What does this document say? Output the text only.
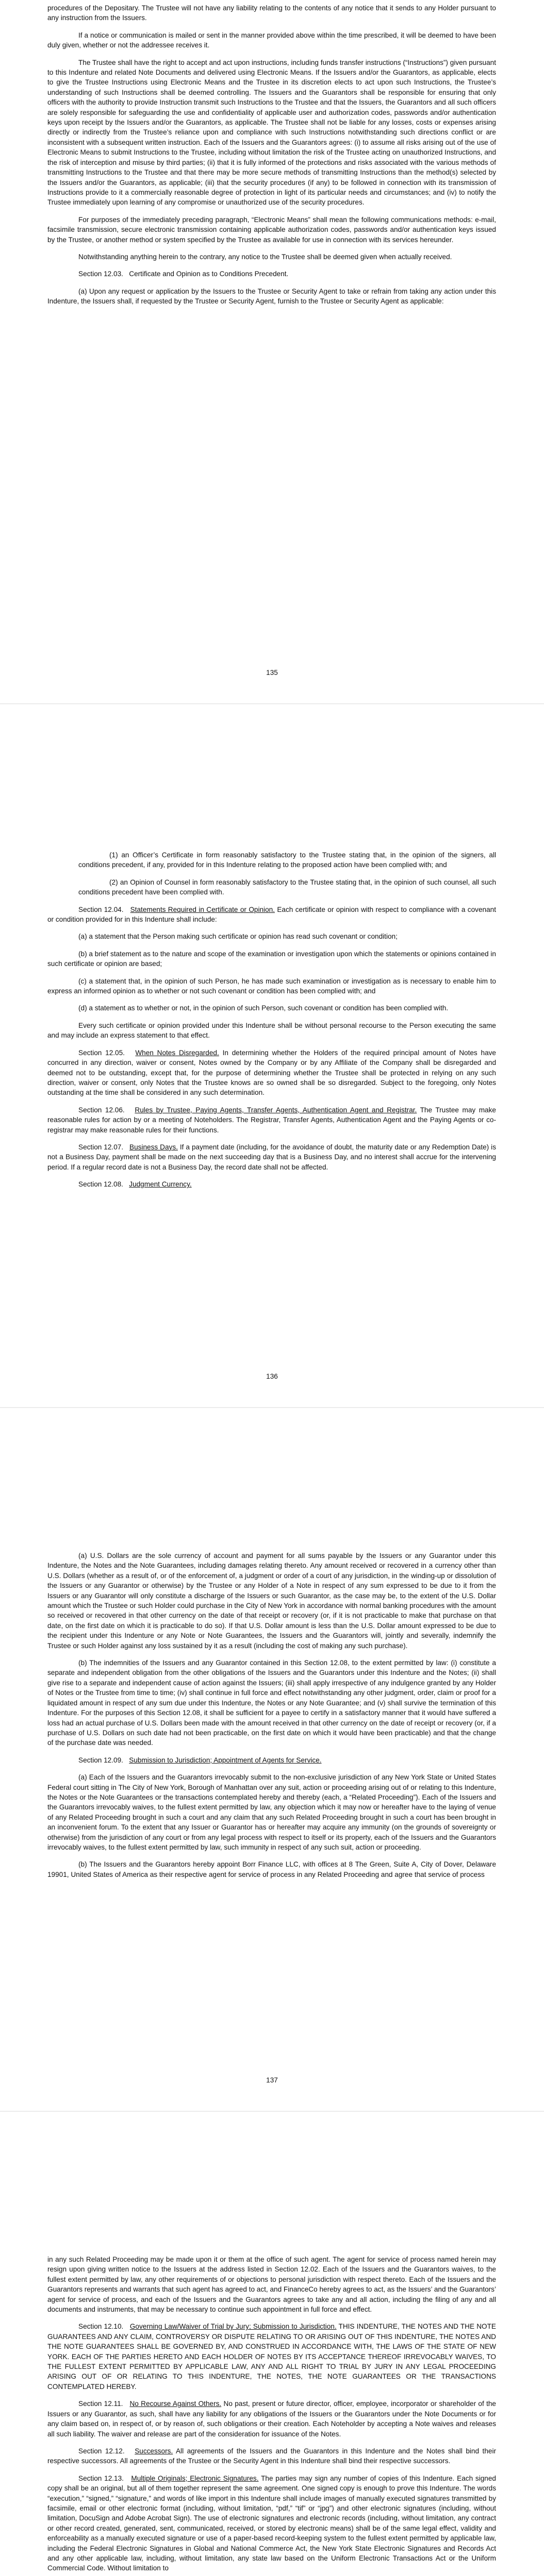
procedures of the Depositary. The Trustee will not have any liability relating to the contents of any notice that it sends to any Holder pursuant to any instruction from the Issuers.

If a notice or communication is mailed or sent in the manner provided above within the time prescribed, it will be deemed to have been duly given, whether or not the addressee receives it.

The Trustee shall have the right to accept and act upon instructions, including funds transfer instructions (“Instructions”) given pursuant to this Indenture and related Note Documents and delivered using Electronic Means. If the Issuers and/or the Guarantors, as applicable, elects to give the Trustee Instructions using Electronic Means and the Trustee in its discretion elects to act upon such Instructions, the Trustee’s understanding of such Instructions shall be deemed controlling. The Issuers and the Guarantors shall be responsible for ensuring that only officers with the authority to provide Instruction transmit such Instructions to the Trustee and that the Issuers, the Guarantors and all such officers are solely responsible for safeguarding the use and confidentiality of applicable user and authorization codes, passwords and/or authentication keys upon receipt by the Issuers and/or the Guarantors, as applicable. The Trustee shall not be liable for any losses, costs or expenses arising directly or indirectly from the Trustee’s reliance upon and compliance with such Instructions notwithstanding such directions conflict or are inconsistent with a subsequent written instruction. Each of the Issuers and the Guarantors agrees: (i) to assume all risks arising out of the use of Electronic Means to submit Instructions to the Trustee, including without limitation the risk of the Trustee acting on unauthorized Instructions, and the risk of interception and misuse by third parties; (ii) that it is fully informed of the protections and risks associated with the various methods of transmitting Instructions to the Trustee and that there may be more secure methods of transmitting Instructions than the method(s) selected by the Issuers and/or the Guarantors, as applicable; (iii) that the security procedures (if any) to be followed in connection with its transmission of Instructions provide to it a commercially reasonable degree of protection in light of its particular needs and circumstances; and (iv) to notify the Trustee immediately upon learning of any compromise or unauthorized use of the security procedures.

For purposes of the immediately preceding paragraph, “Electronic Means” shall mean the following communications methods: e-mail, facsimile transmission, secure electronic transmission containing applicable authorization codes, passwords and/or authentication keys issued by the Trustee, or another method or system specified by the Trustee as available for use in connection with its services hereunder.

Notwithstanding anything herein to the contrary, any notice to the Trustee shall be deemed given when actually received.

Section 12.03. Certificate and Opinion as to Conditions Precedent.

(a) Upon any request or application by the Issuers to the Trustee or Security Agent to take or refrain from taking any action under this Indenture, the Issuers shall, if requested by the Trustee or Security Agent, furnish to the Trustee or Security Agent as applicable:

135

(1) an Officer’s Certificate in form reasonably satisfactory to the Trustee stating that, in the opinion of the signers, all conditions precedent, if any, provided for in this Indenture relating to the proposed action have been complied with; and

(2) an Opinion of Counsel in form reasonably satisfactory to the Trustee stating that, in the opinion of such counsel, all such conditions precedent have been complied with.

Section 12.04. Statements Required in Certificate or Opinion. Each certificate or opinion with respect to compliance with a covenant or condition provided for in this Indenture shall include:

(a) a statement that the Person making such certificate or opinion has read such covenant or condition;

(b) a brief statement as to the nature and scope of the examination or investigation upon which the statements or opinions contained in such certificate or opinion are based;

(c) a statement that, in the opinion of such Person, he has made such examination or investigation as is necessary to enable him to express an informed opinion as to whether or not such covenant or condition has been complied with; and

(d) a statement as to whether or not, in the opinion of such Person, such covenant or condition has been complied with.

Every such certificate or opinion provided under this Indenture shall be without personal recourse to the Person executing the same and may include an express statement to that effect.

Section 12.05. When Notes Disregarded. In determining whether the Holders of the required principal amount of Notes have concurred in any direction, waiver or consent, Notes owned by the Company or by any Affiliate of the Company shall be disregarded and deemed not to be outstanding, except that, for the purpose of determining whether the Trustee shall be protected in relying on any such direction, waiver or consent, only Notes that the Trustee knows are so owned shall be so disregarded. Subject to the foregoing, only Notes outstanding at the time shall be considered in any such determination.

Section 12.06. Rules by Trustee, Paying Agents, Transfer Agents, Authentication Agent and Registrar. The Trustee may make reasonable rules for action by or a meeting of Noteholders. The Registrar, Transfer Agents, Authentication Agent and the Paying Agents or co-registrar may make reasonable rules for their functions.

Section 12.07. Business Days. If a payment date (including, for the avoidance of doubt, the maturity date or any Redemption Date) is not a Business Day, payment shall be made on the next succeeding day that is a Business Day, and no interest shall accrue for the intervening period. If a regular record date is not a Business Day, the record date shall not be affected.

Section 12.08. Judgment Currency.

136

(a) U.S. Dollars are the sole currency of account and payment for all sums payable by the Issuers or any Guarantor under this Indenture, the Notes and the Note Guarantees, including damages relating thereto. Any amount received or recovered in a currency other than U.S. Dollars (whether as a result of, or of the enforcement of, a judgment or order of a court of any jurisdiction, in the winding-up or dissolution of the Issuers or any Guarantor or otherwise) by the Trustee or any Holder of a Note in respect of any sum expressed to be due to it from the Issuers or any Guarantor will only constitute a discharge of the Issuers or such Guarantor, as the case may be, to the extent of the U.S. Dollar amount which the Trustee or such Holder could purchase in the City of New York in accordance with normal banking procedures with the amount so received or recovered in that other currency on the date of that receipt or recovery (or, if it is not practicable to make that purchase on that date, on the first date on which it is practicable to do so). If that U.S. Dollar amount is less than the U.S. Dollar amount expressed to be due to the recipient under this Indenture or any Note or Note Guarantees, the Issuers and the Guarantors will, jointly and severally, indemnify the Trustee or such Holder against any loss sustained by it as a result (including the cost of making any such purchase).

(b) The indemnities of the Issuers and any Guarantor contained in this Section 12.08, to the extent permitted by law: (i) constitute a separate and independent obligation from the other obligations of the Issuers and the Guarantors under this Indenture and the Notes; (ii) shall give rise to a separate and independent cause of action against the Issuers; (iii) shall apply irrespective of any indulgence granted by any Holder of Notes or the Trustee from time to time; (iv) shall continue in full force and effect notwithstanding any other judgment, order, claim or proof for a liquidated amount in respect of any sum due under this Indenture, the Notes or any Note Guarantee; and (v) shall survive the termination of this Indenture. For the purposes of this Section 12.08, it shall be sufficient for a payee to certify in a satisfactory manner that it would have suffered a loss had an actual purchase of U.S. Dollars been made with the amount received in that other currency on the date of receipt or recovery (or, if a purchase of U.S. Dollars on such date had not been practicable, on the first date on which it would have been practicable) and that the change of the purchase date was needed.

Section 12.09. Submission to Jurisdiction; Appointment of Agents for Service.

(a) Each of the Issuers and the Guarantors irrevocably submit to the non-exclusive jurisdiction of any New York State or United States Federal court sitting in The City of New York, Borough of Manhattan over any suit, action or proceeding arising out of or relating to this Indenture, the Notes or the Note Guarantees or the transactions contemplated hereby and thereby (each, a “Related Proceeding”). Each of the Issuers and the Guarantors irrevocably waives, to the fullest extent permitted by law, any objection which it may now or hereafter have to the laying of venue of any Related Proceeding brought in such a court and any claim that any such Related Proceeding brought in such a court has been brought in an inconvenient forum. To the extent that any Issuer or Guarantor has or hereafter may acquire any immunity (on the grounds of sovereignty or otherwise) from the jurisdiction of any court or from any legal process with respect to itself or its property, each of the Issuers and the Guarantors irrevocably waives, to the fullest extent permitted by law, such immunity in respect of any such suit, action or proceeding.

(b) The Issuers and the Guarantors hereby appoint Borr Finance LLC, with offices at 8 The Green, Suite A, City of Dover, Delaware 19901, United States of America as their respective agent for service of process in any Related Proceeding and agree that service of process

137

in any such Related Proceeding may be made upon it or them at the office of such agent. The agent for service of process named herein may resign upon giving written notice to the Issuers at the address listed in Section 12.02. Each of the Issuers and the Guarantors waives, to the fullest extent permitted by law, any other requirements of or objections to personal jurisdiction with respect thereto. Each of the Issuers and the Guarantors represents and warrants that such agent has agreed to act, and FinanceCo hereby agrees to act, as the Issuers’ and the Guarantors’ agent for service of process, and each of the Issuers and the Guarantors agrees to take any and all action, including the filing of any and all documents and instruments, that may be necessary to continue such appointment in full force and effect.

Section 12.10. Governing Law/Waiver of Trial by Jury; Submission to Jurisdiction. THIS INDENTURE, THE NOTES AND THE NOTE GUARANTEES AND ANY CLAIM, CONTROVERSY OR DISPUTE RELATING TO OR ARISING OUT OF THIS INDENTURE, THE NOTES AND THE NOTE GUARANTEES SHALL BE GOVERNED BY, AND CONSTRUED IN ACCORDANCE WITH, THE LAWS OF THE STATE OF NEW YORK. EACH OF THE PARTIES HERETO AND EACH HOLDER OF NOTES BY ITS ACCEPTANCE THEREOF IRREVOCABLY WAIVES, TO THE FULLEST EXTENT PERMITTED BY APPLICABLE LAW, ANY AND ALL RIGHT TO TRIAL BY JURY IN ANY LEGAL PROCEEDING ARISING OUT OF OR RELATING TO THIS INDENTURE, THE NOTES, THE NOTE GUARANTEES OR THE TRANSACTIONS CONTEMPLATED HEREBY.

Section 12.11. No Recourse Against Others. No past, present or future director, officer, employee, incorporator or shareholder of the Issuers or any Guarantor, as such, shall have any liability for any obligations of the Issuers or the Guarantors under the Note Documents or for any claim based on, in respect of, or by reason of, such obligations or their creation. Each Noteholder by accepting a Note waives and releases all such liability. The waiver and release are part of the consideration for issuance of the Notes.

Section 12.12. Successors. All agreements of the Issuers and the Guarantors in this Indenture and the Notes shall bind their respective successors. All agreements of the Trustee or the Security Agent in this Indenture shall bind their respective successors.

Section 12.13. Multiple Originals; Electronic Signatures. The parties may sign any number of copies of this Indenture. Each signed copy shall be an original, but all of them together represent the same agreement. One signed copy is enough to prove this Indenture. The words “execution,” “signed,” “signature,” and words of like import in this Indenture shall include images of manually executed signatures transmitted by facsimile, email or other electronic format (including, without limitation, “pdf,” “tif” or “jpg”) and other electronic signatures (including, without limitation, DocuSign and Adobe Acrobat Sign). The use of electronic signatures and electronic records (including, without limitation, any contract or other record created, generated, sent, communicated, received, or stored by electronic means) shall be of the same legal effect, validity and enforceability as a manually executed signature or use of a paper-based record-keeping system to the fullest extent permitted by applicable law, including the Federal Electronic Signatures in Global and National Commerce Act, the New York State Electronic Signatures and Records Act and any other applicable law, including, without limitation, any state law based on the Uniform Electronic Transactions Act or the Uniform Commercial Code. Without limitation to
